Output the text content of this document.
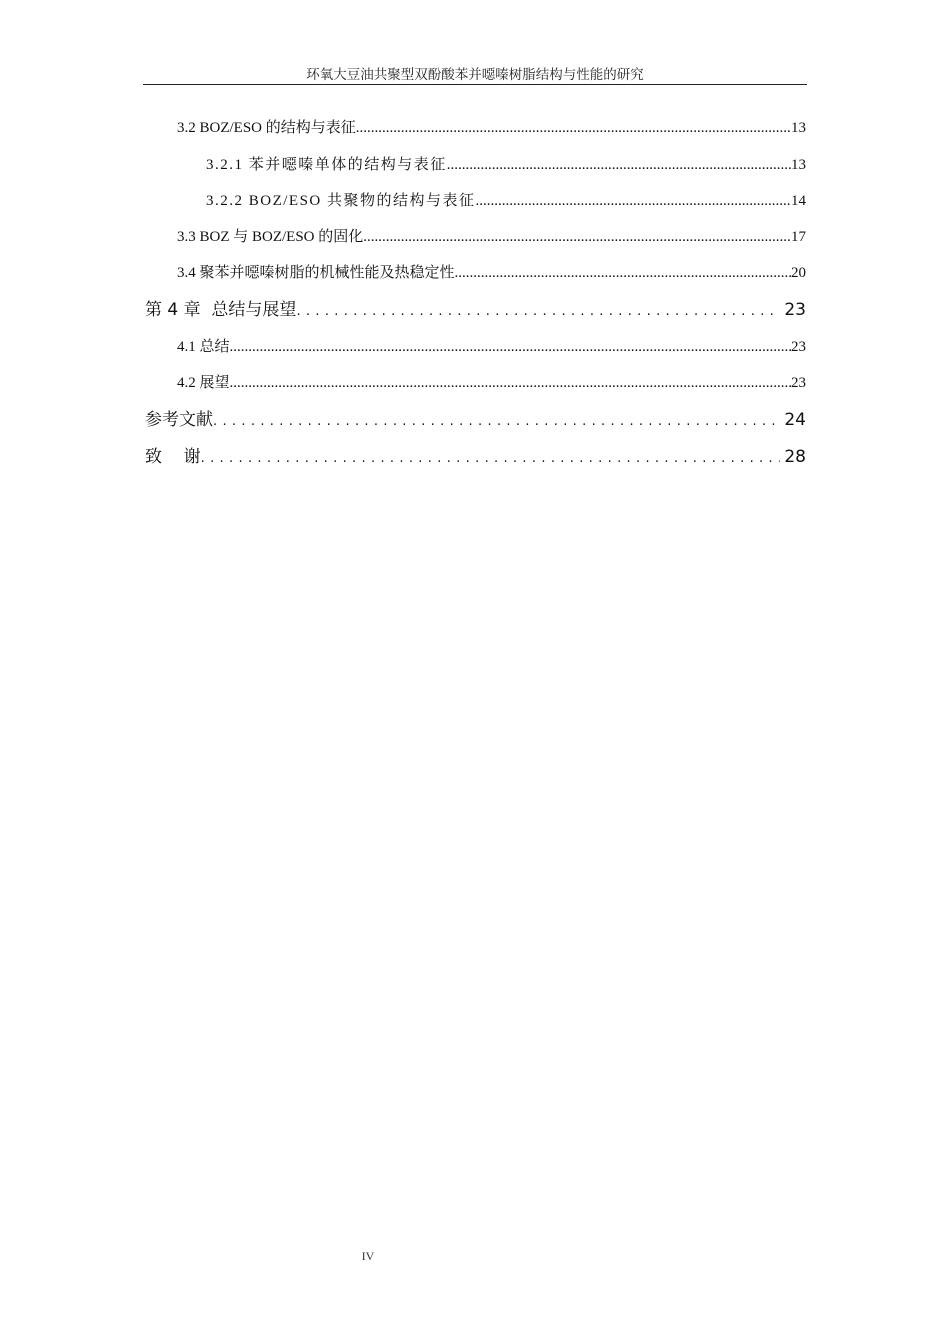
环氧大豆油共聚型双酚酸苯并噁嗪树脂结构与性能的研究
3.2 BOZ/ESO 的结构与表征 .....	13
3.2.1 苯并噁嗪单体的结构与表征 .....	13
3.2.2 BOZ/ESO 共聚物的结构与表征 .....	14
3.3 BOZ 与 BOZ/ESO 的固化 .....	17
3.4 聚苯并噁嗪树脂的机械性能及热稳定性 .....	20
第 4 章  总结与展望 . . .	23
4.1 总结 .....	23
4.2 展望 .....	23
参考文献 . . .	24
致    谢 . . .	28
IV
